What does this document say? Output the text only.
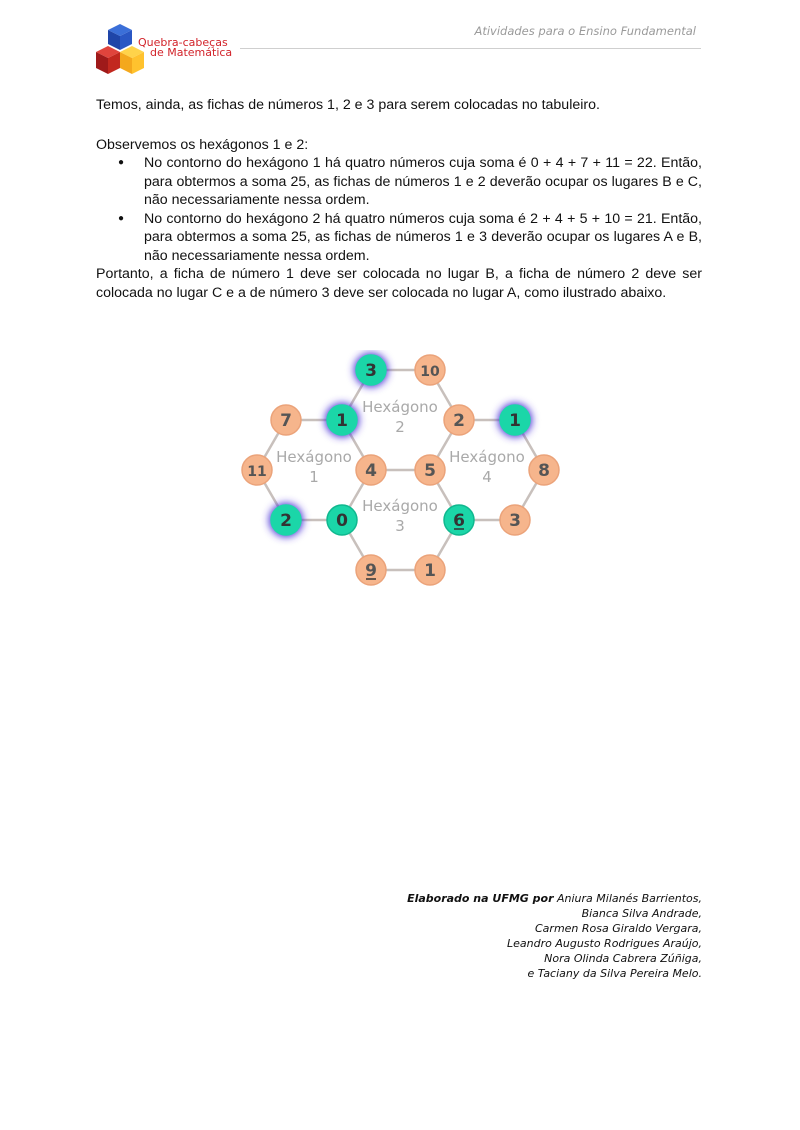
Quebra-cabeças
de Matemática
Atividades para o Ensino Fundamental

Temos, ainda, as fichas de números 1, 2 e 3 para serem colocadas no tabuleiro.

Observemos os hexágonos 1 e 2:

● No contorno do hexágono 1 há quatro números cuja soma é 0 + 4 + 7 + 11 = 22. Então, para obtermos a soma 25, as fichas de números 1 e 2 deverão ocupar os lugares B e C, não necessariamente nessa ordem.
● No contorno do hexágono 2 há quatro números cuja soma é 2 + 4 + 5 + 10 = 21. Então, para obtermos a soma 25, as fichas de números 1 e 3 deverão ocupar os lugares A e B, não necessariamente nessa ordem.

Portanto, a ficha de número 1 deve ser colocada no lugar B, a ficha de número 2 deve ser colocada no lugar C e a de número 3 deve ser colocada no lugar A, como ilustrado abaixo.

Hexágono
1
Hexágono
2
Hexágono
3
Hexágono
4
3	10
7	1	2	1
11	4	5	8
2	0	6	3
9	1
Elaborado na UFMG por Aniura Milanés Barrientos,
Bianca Silva Andrade,
Carmen Rosa Giraldo Vergara,
Leandro Augusto Rodrigues Araújo,
Nora Olinda Cabrera Zúñiga,
e Taciany da Silva Pereira Melo.
